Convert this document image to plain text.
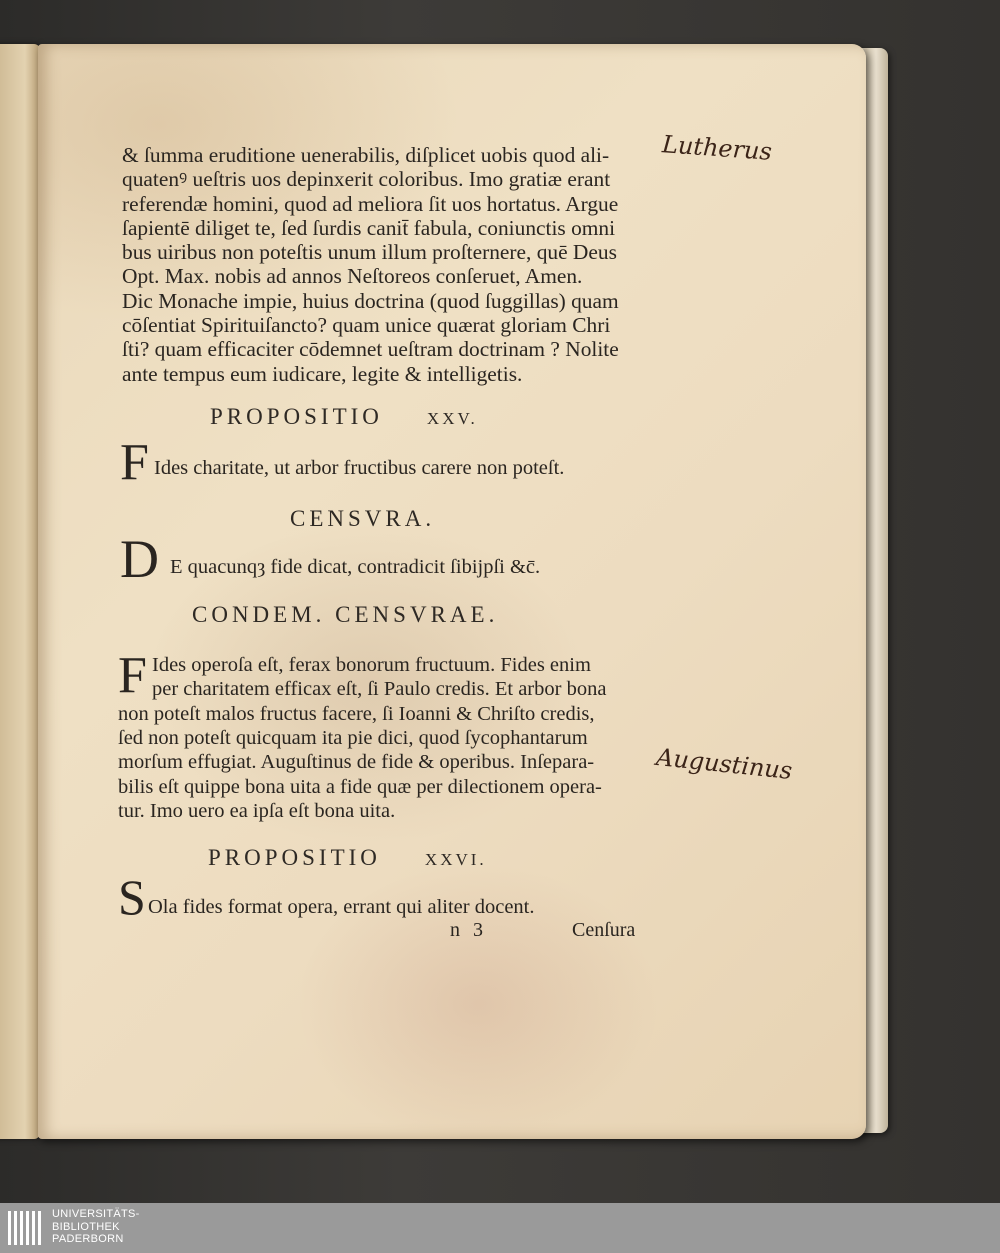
& ſumma eruditione uenerabilis, diſplicet uobis quod ali-
quatenꝰ ueſtris uos depinxerit coloribus. Imo gratiæ erant
referendæ homini, quod ad meliora ſit uos hortatus. Argue
ſapientē diliget te, ſed ſurdis canit̄ fabula, coniunctis omni
bus uiribus non poteſtis unum illum proſternere, quē Deus
Opt. Max. nobis ad annos Neſtoreos conſeruet, Amen.
Dic Monache impie, huius doctrina (quod ſuggillas) quam
cōſentiat Spirituiſancto? quam unice quærat gloriam Chri
ſti? quam efficaciter cōdemnet ueſtram doctrinam ? Nolite
ante tempus eum iudicare, legite & intelligetis.
PROPOSITIO	XXV.
F Ides charitate, ut arbor fructibus carere non poteſt.
CENSVRA.
D E quacunqȝ fide dicat, contradicit ſibijpſi &c̄.
CONDEM. CENSVRAE.
F Ides operoſa eſt, ferax bonorum fructuum. Fides enim
per charitatem efficax eſt, ſi Paulo credis. Et arbor bona
non poteſt malos fructus facere, ſi Ioanni & Chriſto credis,
ſed non poteſt quicquam ita pie dici, quod ſycophantarum
morſum effugiat. Auguſtinus de fide & operibus. Inſepara-
bilis eſt quippe bona uita a fide quæ per dilectionem opera-
tur. Imo uero ea ipſa eſt bona uita.
PROPOSITIO	XXVI.
S Ola fides format opera, errant qui aliter docent.
n 3	Cenſura
Lutherus
Augustinus
UNIVERSITÄTS-
BIBLIOTHEK
PADERBORN
